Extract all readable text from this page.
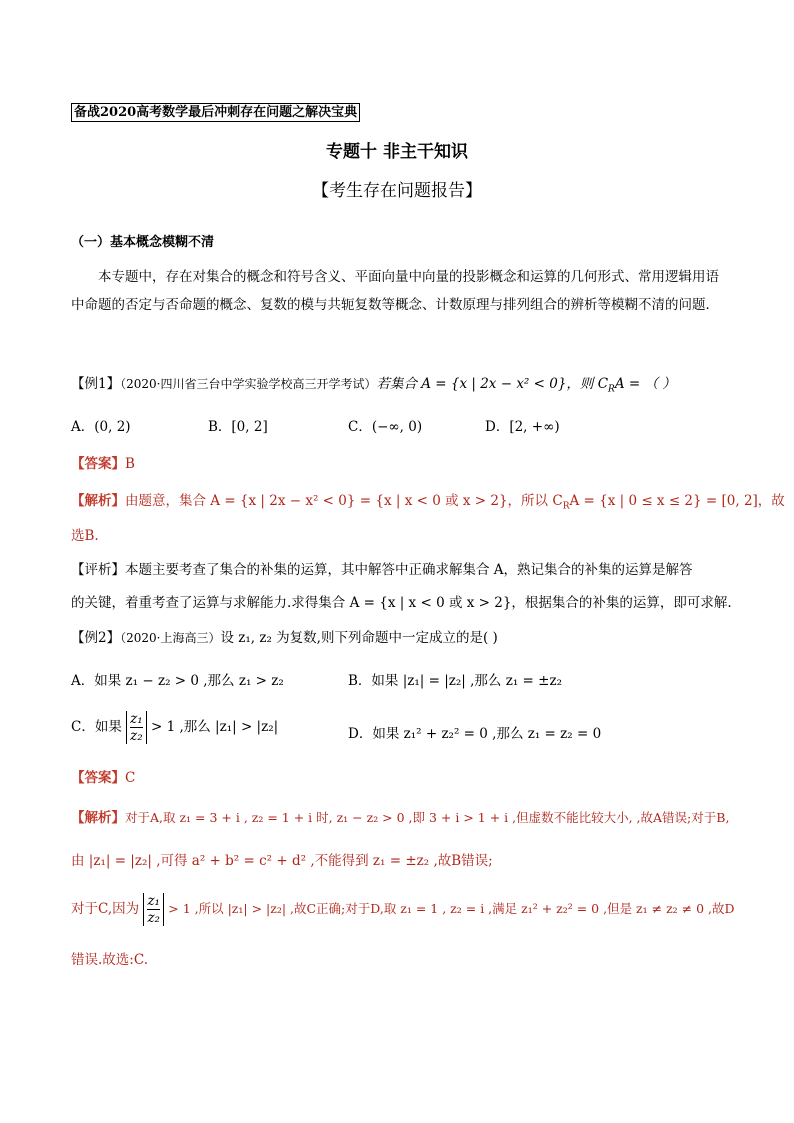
备战2020高考数学最后冲刺存在问题之解决宝典
专题十 非主干知识
【考生存在问题报告】
（一）基本概念模糊不清
本专题中，存在对集合的概念和符号含义、平面向量中向量的投影概念和运算的几何形式、常用逻辑用语中命题的否定与否命题的概念、复数的模与共轭复数等概念、计数原理与排列组合的辨析等模糊不清的问题．
【例1】（2020·四川省三台中学实验学校高三开学考试）若集合 A = {x | 2x − x² < 0}，则 $C_RA$ = （ ）
A．(0, 2)	B．[0, 2]	C．(−∞, 0)	D．[2, +∞)
【答案】B
【解析】由题意，集合 A = {x | 2x − x² < 0} = {x | x < 0 或 x > 2}，所以 $C_RA = \{x$ | 0 ≤ x ≤ 2} = [0, 2]，故
选B.
【评析】本题主要考查了集合的补集的运算，其中解答中正确求解集合 A，熟记集合的补集的运算是解答
的关键，着重考查了运算与求解能力.求得集合 A = {x | x < 0 或 x > 2}，根据集合的补集的运算，即可求解.
【例2】（2020·上海高三）设 z₁, z₂ 为复数,则下列命题中一定成立的是( )
A．如果 z₁ − z₂ > 0 ,那么 z₁ > z₂	B．如果 |z₁| = |z₂| ,那么 z₁ = ±z₂
C．如果 $\frac{\text{z₁}}{\text{z₂}} > 1$ ,那么 |z₁| > |z₂|	D．如果 z₁² + z₂² = 0 ,那么 z₁ = z₂ = 0
【答案】C
【解析】对于A,取 z₁ = 3 + i , z₂ = 1 + i 时, z₁ − z₂ > 0 ,即 3 + i > 1 + i ,但虚数不能比较大小, ,故A错误;对于B,
由 |z₁| = |z₂| ,可得 a² + b² = c² + d² ,不能得到 z₁ = ±z₂ ,故B错误;
对于C,因为 $\frac{\text{z₁}}{\text{z₂}} > 1$ ,所以 |z₁| > |z₂| ,故C正确;对于D,取 z₁ = 1 , z₂ = i ,满足 z₁² + z₂² = 0 ,但是 z₁ ≠ z₂ ≠ 0 ,故D
错误.故选:C.
